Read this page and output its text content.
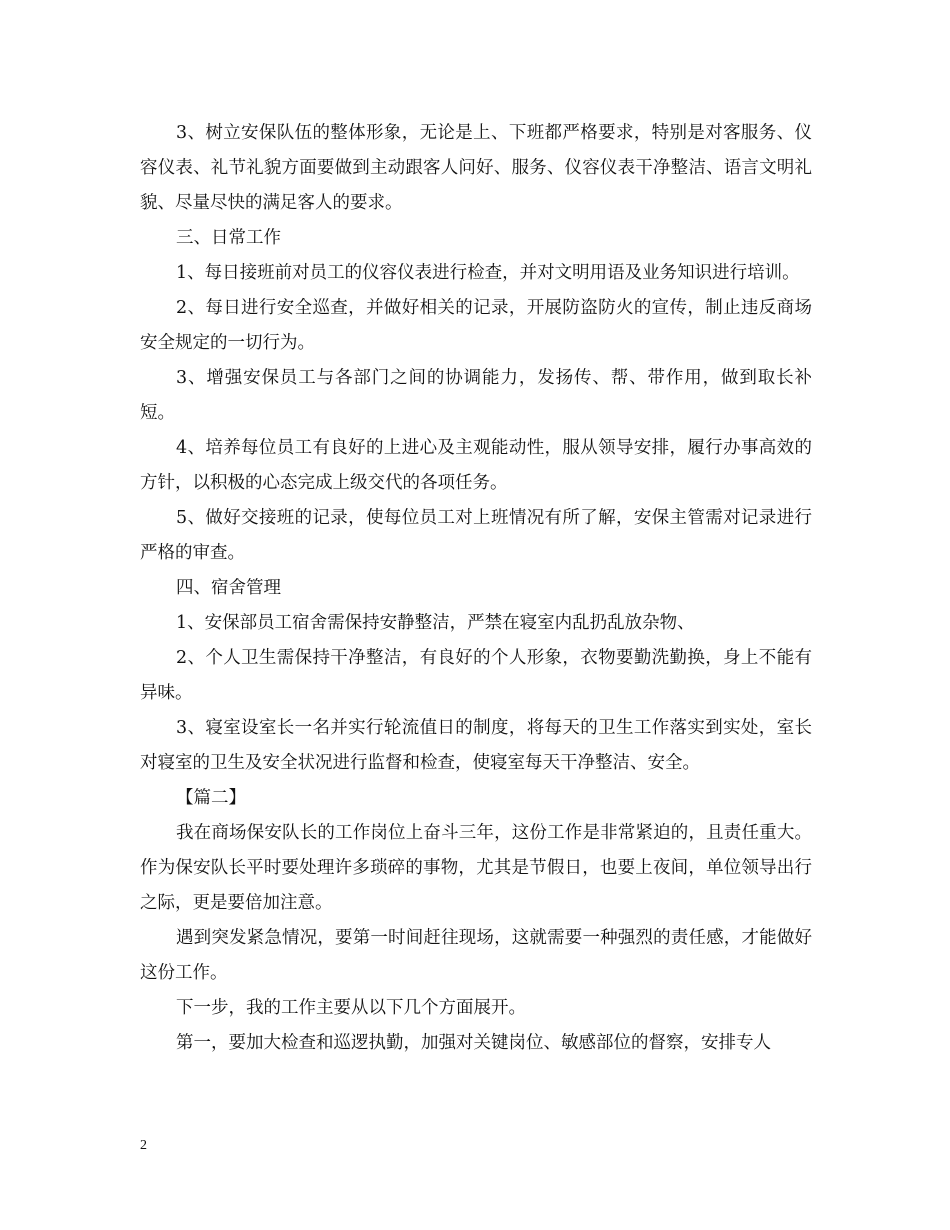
3、树立安保队伍的整体形象，无论是上、下班都严格要求，特别是对客服务、仪容仪表、礼节礼貌方面要做到主动跟客人问好、服务、仪容仪表干净整洁、语言文明礼貌、尽量尽快的满足客人的要求。

三、日常工作

1、每日接班前对员工的仪容仪表进行检查，并对文明用语及业务知识进行培训。

2、每日进行安全巡查，并做好相关的记录，开展防盗防火的宣传，制止违反商场安全规定的一切行为。

3、增强安保员工与各部门之间的协调能力，发扬传、帮、带作用，做到取长补短。

4、培养每位员工有良好的上进心及主观能动性，服从领导安排，履行办事高效的方针，以积极的心态完成上级交代的各项任务。

5、做好交接班的记录，使每位员工对上班情况有所了解，安保主管需对记录进行严格的审查。

四、宿舍管理

1、安保部员工宿舍需保持安静整洁，严禁在寝室内乱扔乱放杂物、

2、个人卫生需保持干净整洁，有良好的个人形象，衣物要勤洗勤换，身上不能有异味。

3、寝室设室长一名并实行轮流值日的制度，将每天的卫生工作落实到实处，室长对寝室的卫生及安全状况进行监督和检查，使寝室每天干净整洁、安全。

【篇二】

我在商场保安队长的工作岗位上奋斗三年，这份工作是非常紧迫的，且责任重大。作为保安队长平时要处理许多琐碎的事物，尤其是节假日，也要上夜间，单位领导出行之际，更是要倍加注意。

遇到突发紧急情况，要第一时间赶往现场，这就需要一种强烈的责任感，才能做好这份工作。

下一步，我的工作主要从以下几个方面展开。

第一，要加大检查和巡逻执勤，加强对关键岗位、敏感部位的督察，安排专人

2
